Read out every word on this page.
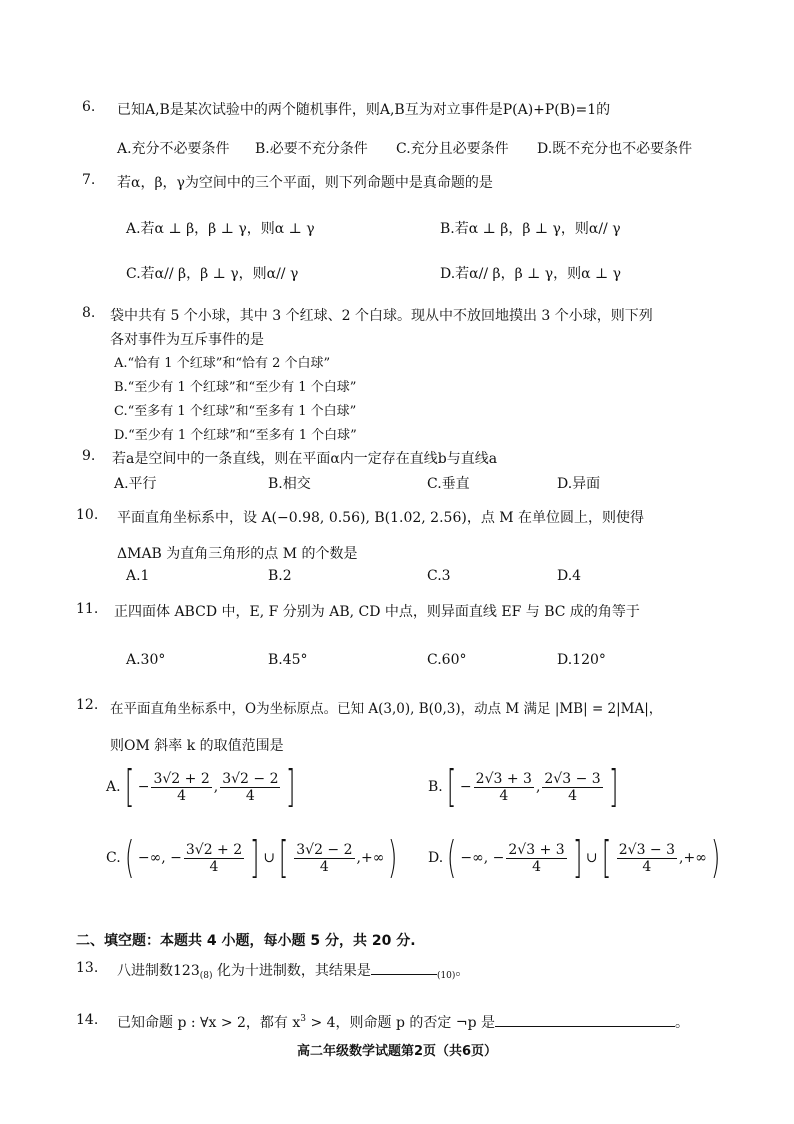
6. 已知A,B是某次试验中的两个随机事件，则A,B互为对立事件是P(A)+P(B)=1的
A.充分不必要条件 B.必要不充分条件 C.充分且必要条件 D.既不充分也不必要条件
7. 若α，β，γ为空间中的三个平面，则下列命题中是真命题的是
A.若α ⊥ β，β ⊥ γ，则α ⊥ γ	B.若α ⊥ β，β ⊥ γ，则α// γ
C.若α// β，β ⊥ γ，则α// γ	D.若α// β，β ⊥ γ，则α ⊥ γ
8. 袋中共有 5 个小球，其中 3 个红球、2 个白球。现从中不放回地摸出 3 个小球，则下列
各对事件为互斥事件的是
A.“恰有 1 个红球”和“恰有 2 个白球”
B.“至少有 1 个红球”和“至少有 1 个白球”
C.“至多有 1 个红球”和“至多有 1 个白球”
D.“至少有 1 个红球”和“至多有 1 个白球”
9. 若a是空间中的一条直线，则在平面α内一定存在直线b与直线a
A.平行	B.相交	C.垂直	D.异面
10. 平面直角坐标系中，设 A(−0.98, 0.56), B(1.02, 2.56)，点 M 在单位圆上，则使得
ΔMAB 为直角三角形的点 M 的个数是
A.1	B.2	C.3	D.4
11. 正四面体 ABCD 中，E, F 分别为 AB, CD 中点，则异面直线 EF 与 BC 成的角等于
A.30°	B.45°	C.60°	D.120°
12. 在平面直角坐标系中，O为坐标原点。已知 A(3,0), B(0,3)，动点 M 满足 |MB| = 2|MA|，
则OM 斜率 k 的取值范围是
$A.[ - \frac{3√2 + 2}{4}$ , $\frac{3√2 - 2}{4}$ ]	$B.[ - \frac{2√3 + 3}{4}$ , $\frac{2√3 - 3}{4}$ ]
C.( −∞, − $\frac{3√2 + 2}{4}$ ] ∪[ $\frac{3√2 - 2}{4}$ ,+∞) D.( −∞, − $\frac{2√3 + 3}{4}$ ] ∪[ $\frac{2√3 - 3}{4}$ ,+∞)
二、填空题：本题共 4 小题，每小题 5 分，共 20 分.
13. 八进制数$123_{(8)}$ 化为十进制数，其结果是	$_{(10)}$。
14. 已知命题 p : ∀x > 2，都有 $x^3 > 4$，则命题 p 的否定 ¬p 是	。
高二年级数学试题第2页（共6页）
